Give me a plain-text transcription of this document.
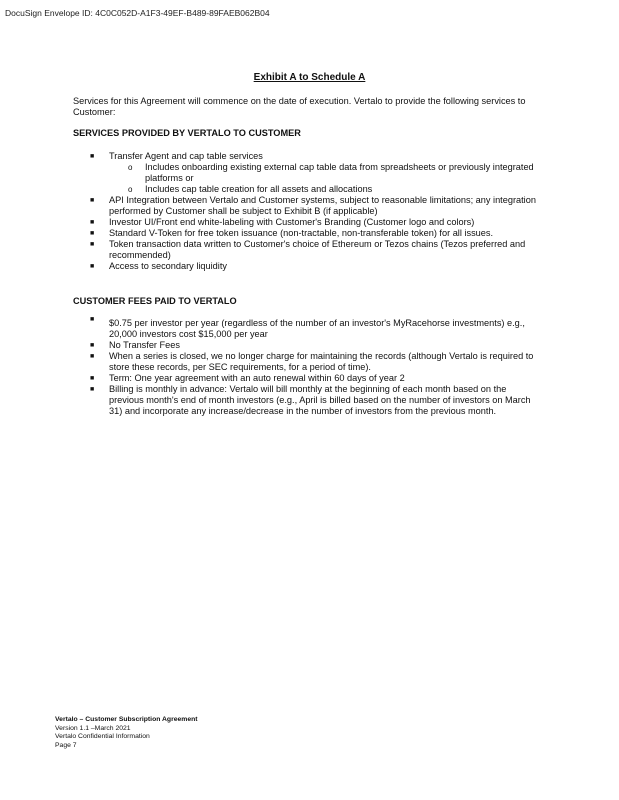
DocuSign Envelope ID: 4C0C052D-A1F3-49EF-B489-89FAEB062B04
Exhibit A to Schedule A
Services for this Agreement will commence on the date of execution. Vertalo to provide the following services to Customer:
SERVICES PROVIDED BY VERTALO TO CUSTOMER
■ Transfer Agent and cap table services
o Includes onboarding existing external cap table data from spreadsheets or previously integrated platforms or
o Includes cap table creation for all assets and allocations
■ API Integration between Vertalo and Customer systems, subject to reasonable limitations; any integration performed by Customer shall be subject to Exhibit B (if applicable)
■ Investor UI/Front end white-labeling with Customer's Branding (Customer logo and colors)
■ Standard V-Token for free token issuance (non-tractable, non-transferable token) for all issues.
■ Token transaction data written to Customer's choice of Ethereum or Tezos chains (Tezos preferred and recommended)
■ Access to secondary liquidity
CUSTOMER FEES PAID TO VERTALO
■ $0.75 per investor per year (regardless of the number of an investor's MyRacehorse investments) e.g., 20,000 investors cost $15,000 per year
■ No Transfer Fees
■ When a series is closed, we no longer charge for maintaining the records (although Vertalo is required to store these records, per SEC requirements, for a period of time).
■ Term: One year agreement with an auto renewal within 60 days of year 2
■ Billing is monthly in advance: Vertalo will bill monthly at the beginning of each month based on the previous month's end of month investors (e.g., April is billed based on the number of investors on March 31) and incorporate any increase/decrease in the number of investors from the previous month.
Vertalo – Customer Subscription Agreement
Version 1.1 –March 2021
Vertalo Confidential Information
Page 7
